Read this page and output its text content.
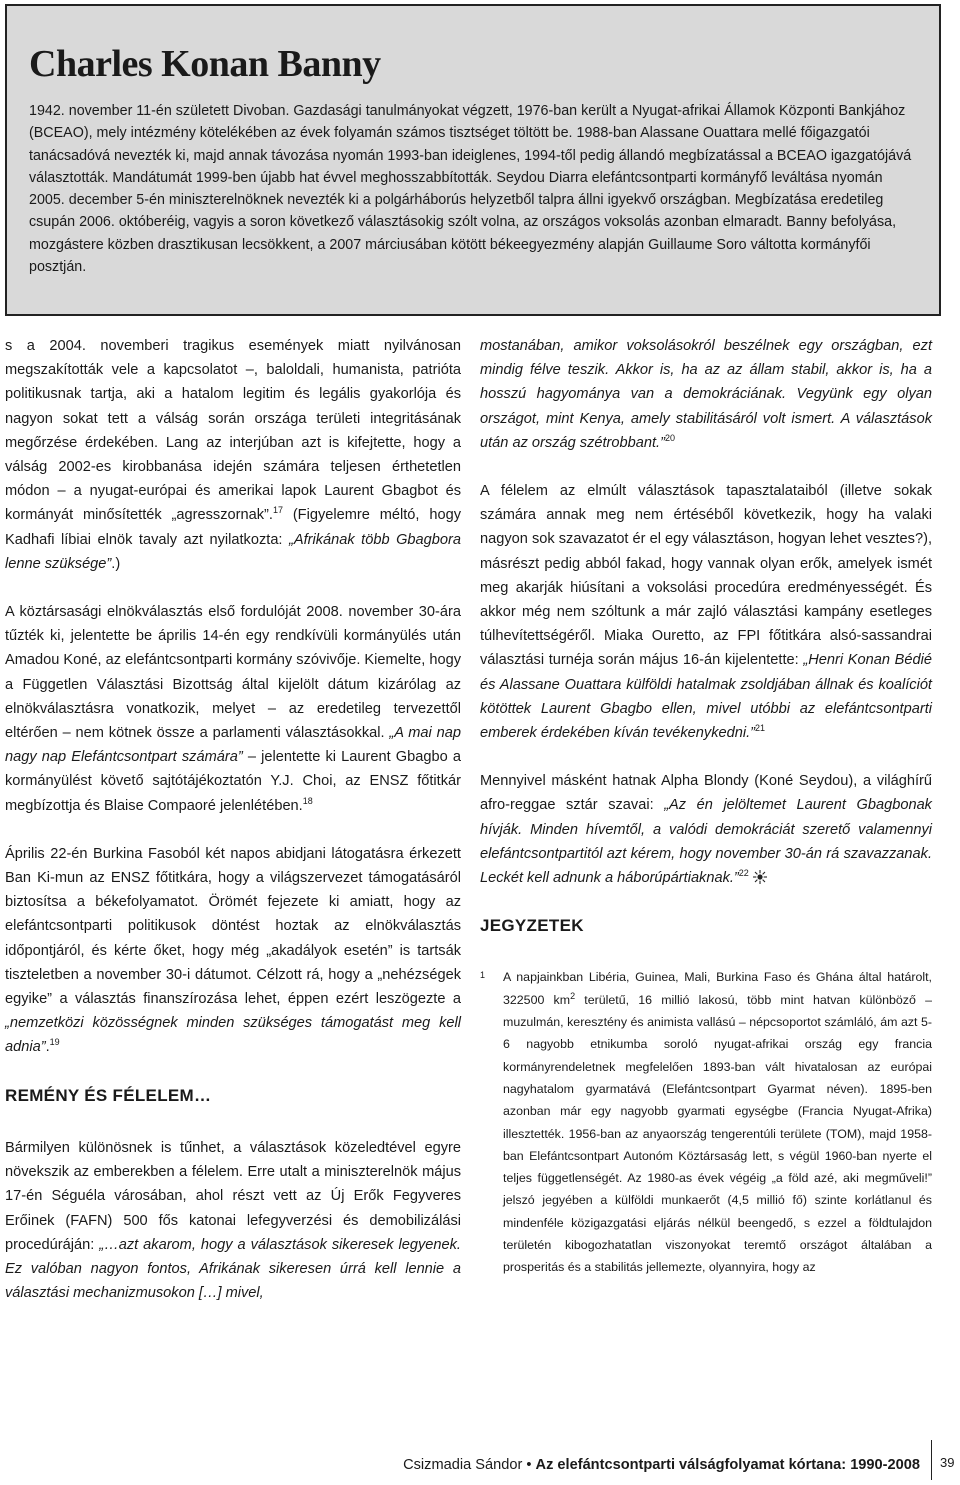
Charles Konan Banny

1942. november 11-én született Divoban. Gazdasági tanulmányokat végzett, 1976-ban került a Nyugat-afrikai Államok Központi Bankjához (BCEAO), mely intézmény kötelékében az évek folyamán számos tisztséget töltött be. 1988-ban Alassane Ouattara mellé főigazgatói tanácsadóvá nevezték ki, majd annak távozása nyomán 1993-ban ideiglenes, 1994-től pedig állandó megbízatással a BCEAO igazgatójává választották. Mandátumát 1999-ben újabb hat évvel meghosszabbították. Seydou Diarra elefántcsontparti kormányfő leváltása nyomán 2005. december 5-én miniszterelnöknek nevezték ki a polgárháborús helyzetből talpra állni igyekvő országban. Megbízatása eredetileg csupán 2006. októberéig, vagyis a soron következő választásokig szólt volna, az országos voksolás azonban elmaradt. Banny befolyása, mozgástere közben drasztikusan lecsökkent, a 2007 márciusában kötött békeegyezmény alapján Guillaume Soro váltotta kormányfői posztján.

s a 2004. novemberi tragikus események miatt nyilvánosan megszakították vele a kapcsolatot –, baloldali, humanista, patrióta politikusnak tartja, aki a hatalom legitim és legális gyakorlója és nagyon sokat tett a válság során országa területi integritásának megőrzése érdekében. Lang az interjúban azt is kifejtette, hogy a válság 2002-es kirobbanása idején számára teljesen érthetetlen módon – a nyugat-európai és amerikai lapok Laurent Gbagbot és kormányát minősítették „agresszornak”.$^{17}$ (Figyelemre méltó, hogy Kadhafi líbiai elnök tavaly azt nyilatkozta: „Afrikának több Gbagbora lenne szüksége”.)

A köztársasági elnökválasztás első fordulóját 2008. november 30-ára tűzték ki, jelentette be április 14-én egy rendkívüli kormányülés után Amadou Koné, az elefántcsontparti kormány szóvivője. Kiemelte, hogy a Független Választási Bizottság által kijelölt dátum kizárólag az elnökválasztásra vonatkozik, melyet – az eredetileg tervezettől eltérően – nem kötnek össze a parlamenti választásokkal. „A mai nap nagy nap Elefántcsontpart számára” – jelentette ki Laurent Gbagbo a kormányülést követő sajtótájékoztatón Y.J. Choi, az ENSZ főtitkár megbízottja és Blaise Compaoré jelenlétében.$^{18}$

Április 22-én Burkina Fasoból két napos abidjani látogatásra érkezett Ban Ki-mun az ENSZ főtitkára, hogy a világszervezet támogatásáról biztosítsa a békefolyamatot. Örömét fejezete ki amiatt, hogy az elefántcsontparti politikusok döntést hoztak az elnökválasztás időpontjáról, és kérte őket, hogy még „akadályok esetén” is tartsák tiszteletben a november 30-i dátumot. Célzott rá, hogy a „nehézségek egyike” a választás finanszírozása lehet, éppen ezért leszögezte a „nemzetközi közösségnek minden szükséges támogatást meg kell adnia”.$^{19}$

REMÉNY ÉS FÉLELEM…

Bármilyen különösnek is tűnhet, a választások közeledtével egyre növekszik az emberekben a félelem. Erre utalt a miniszterelnök május 17-én Séguéla városában, ahol részt vett az Új Erők Fegyveres Erőinek (FAFN) 500 fős katonai lefegyverzési és demobilizálási procedúráján: „…azt akarom, hogy a választások sikeresek legyenek. Ez valóban nagyon fontos, Afrikának sikeresen úrrá kell lennie a választási mechanizmusokon […] mivel,

mostanában, amikor voksolásokról beszélnek egy országban, ezt mindig félve teszik. Akkor is, ha az az állam stabil, akkor is, ha a hosszú hagyománya van a demokráciának. Vegyünk egy olyan országot, mint Kenya, amely stabilitásáról volt ismert. A választások után az ország szétrobbant.”$^{20}$

A félelem az elmúlt választások tapasztalataiból (illetve sokak számára annak meg nem értéséből következik, hogy ha valaki nagyon sok szavazatot ér el egy választáson, hogyan lehet vesztes?), másrészt pedig abból fakad, hogy vannak olyan erők, amelyek ismét meg akarják hiúsítani a voksolási procedúra eredményességét. És akkor még nem szóltunk a már zajló választási kampány esetleges túlhevítettségéről. Miaka Ouretto, az FPI főtitkára alsó-sassandrai választási turnéja során május 16-án kijelentette: „Henri Konan Bédié és Alassane Ouattara külföldi hatalmak zsoldjában állnak és koalíciót kötöttek Laurent Gbagbo ellen, mivel utóbbi az elefántcsontparti emberek érdekében kíván tevékenykedni.”$^{21}$

Mennyivel másként hatnak Alpha Blondy (Koné Seydou), a világhírű afro-reggae sztár szavai: „Az én jelöltemet Laurent Gbagbonak hívják. Minden hívemtől, a valódi demokráciát szerető valamennyi elefántcsontpartitól azt kérem, hogy november 30-án rá szavazzanak. Leckét kell adnunk a háborúpártiaknak.”$^{22}$

JEGYZETEK
1 A napjainkban Libéria, Guinea, Mali, Burkina Faso és Ghána által határolt, 322500 $km^2$ területű, 16 millió lakosú, több mint hatvan különböző – muzulmán, keresztény és animista vallású – népcsoportot számláló, ám azt 5-6 nagyobb etnikumba soroló nyugat-afrikai ország egy francia kormányrendeletnek megfelelően 1893-ban vált hivatalosan az európai nagyhatalom gyarmatává (Elefántcsontpart Gyarmat néven). 1895-ben azonban már egy nagyobb gyarmati egységbe (Francia Nyugat-Afrika) illesztették. 1956-ban az anyaország tengerentúli területe (TOM), majd 1958-ban Elefántcsontpart Autonóm Köztársaság lett, s végül 1960-ban nyerte el teljes függetlenségét. Az 1980-as évek végéig „a föld azé, aki megműveli!” jelszó jegyében a külföldi munkaerőt (4,5 millió fő) szinte korlátlanul és mindenféle közigazgatási eljárás nélkül beengedő, s ezzel a földtulajdon területén kibogozhatatlan viszonyokat teremtő országot általában a prosperitás és a stabilitás jellemezte, olyannyira, hogy az
Csizmadia Sándor • Az elefántcsontparti válságfolyamat kórtana: 1990-2008 39
